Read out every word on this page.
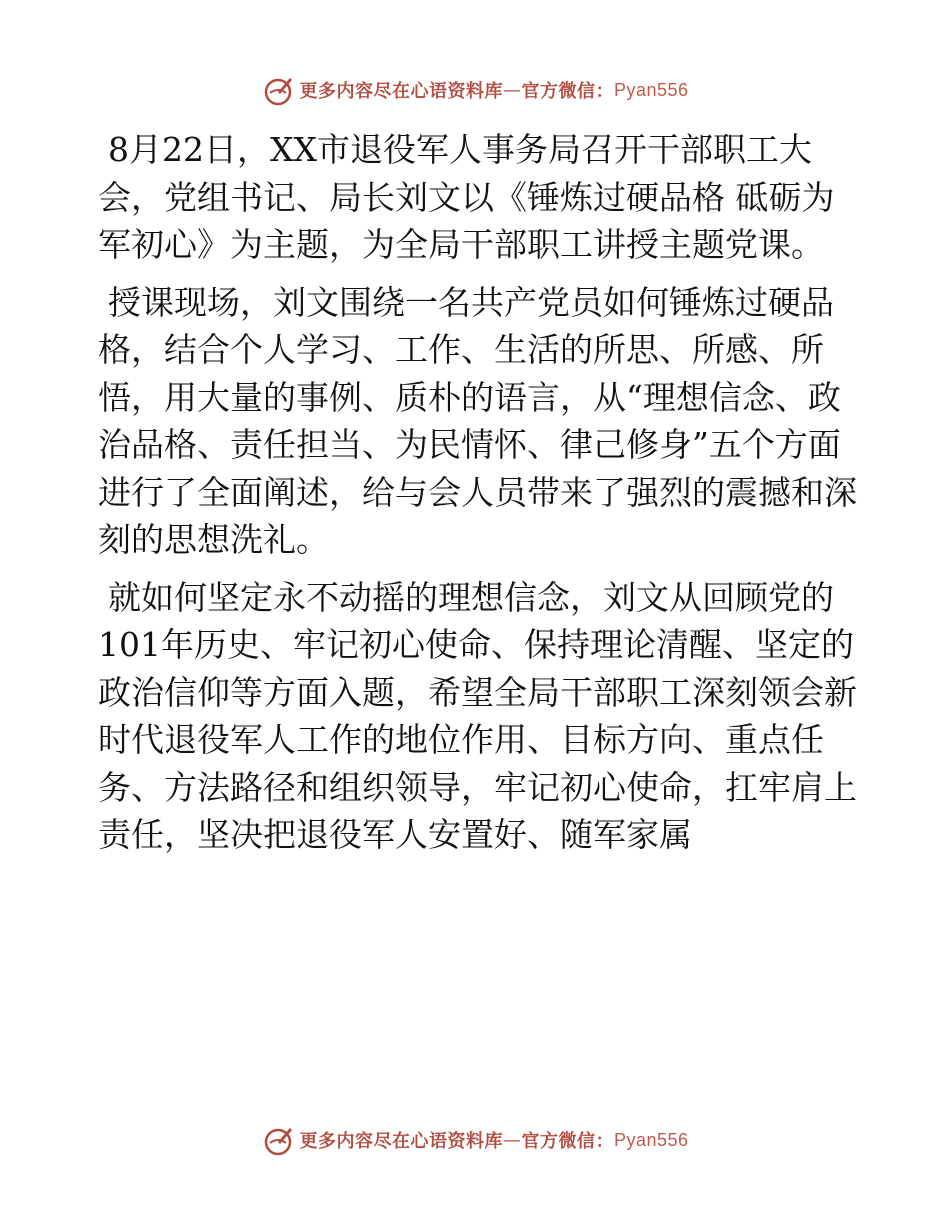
更多内容尽在心语资料库 — 官方微信： Pyan556

8月22日，XX市退役军人事务局召开干部职工大会，党组书记、局长刘文以《锤炼过硬品格 砥砺为军初心》为主题，为全局干部职工讲授主题党课。

授课现场，刘文围绕一名共产党员如何锤炼过硬品格，结合个人学习、工作、生活的所思、所感、所悟，用大量的事例、质朴的语言，从“理想信念、政治品格、责任担当、为民情怀、律己修身”五个方面进行了全面阐述，给与会人员带来了强烈的震撼和深刻的思想洗礼。

就如何坚定永不动摇的理想信念，刘文从回顾党的101年历史、牢记初心使命、保持理论清醒、坚定的政治信仰等方面入题，希望全局干部职工深刻领会新时代退役军人工作的地位作用、目标方向、重点任务、方法路径和组织领导，牢记初心使命，扛牢肩上责任，坚决把退役军人安置好、随军家属

更多内容尽在心语资料库 — 官方微信： Pyan556
